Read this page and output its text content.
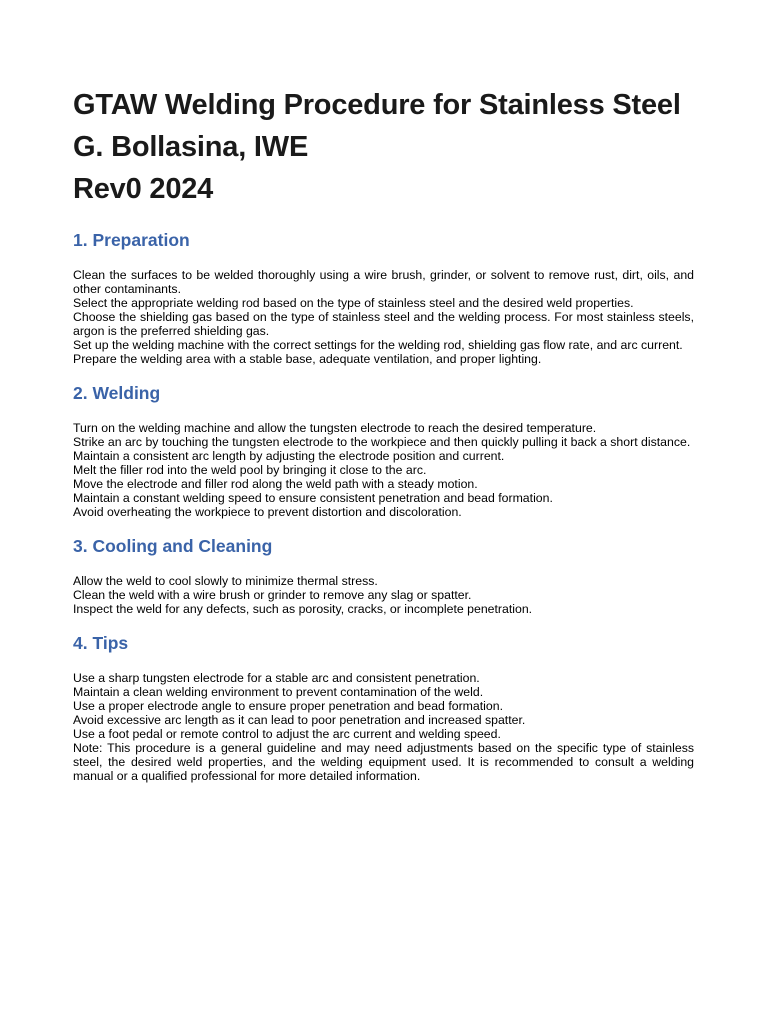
GTAW Welding Procedure for Stainless Steel
G. Bollasina, IWE
Rev0 2024
1. Preparation

Clean the surfaces to be welded thoroughly using a wire brush, grinder, or solvent to remove rust, dirt, oils, and other contaminants.

Select the appropriate welding rod based on the type of stainless steel and the desired weld properties.

Choose the shielding gas based on the type of stainless steel and the welding process. For most stainless steels, argon is the preferred shielding gas.

Set up the welding machine with the correct settings for the welding rod, shielding gas flow rate, and arc current.

Prepare the welding area with a stable base, adequate ventilation, and proper lighting.

2. Welding

Turn on the welding machine and allow the tungsten electrode to reach the desired temperature.

Strike an arc by touching the tungsten electrode to the workpiece and then quickly pulling it back a short distance.

Maintain a consistent arc length by adjusting the electrode position and current.

Melt the filler rod into the weld pool by bringing it close to the arc.

Move the electrode and filler rod along the weld path with a steady motion.

Maintain a constant welding speed to ensure consistent penetration and bead formation.

Avoid overheating the workpiece to prevent distortion and discoloration.

3. Cooling and Cleaning

Allow the weld to cool slowly to minimize thermal stress.

Clean the weld with a wire brush or grinder to remove any slag or spatter.

Inspect the weld for any defects, such as porosity, cracks, or incomplete penetration.

4. Tips

Use a sharp tungsten electrode for a stable arc and consistent penetration.

Maintain a clean welding environment to prevent contamination of the weld.

Use a proper electrode angle to ensure proper penetration and bead formation.

Avoid excessive arc length as it can lead to poor penetration and increased spatter.

Use a foot pedal or remote control to adjust the arc current and welding speed.

Note: This procedure is a general guideline and may need adjustments based on the specific type of stainless steel, the desired weld properties, and the welding equipment used. It is recommended to consult a welding manual or a qualified professional for more detailed information.
